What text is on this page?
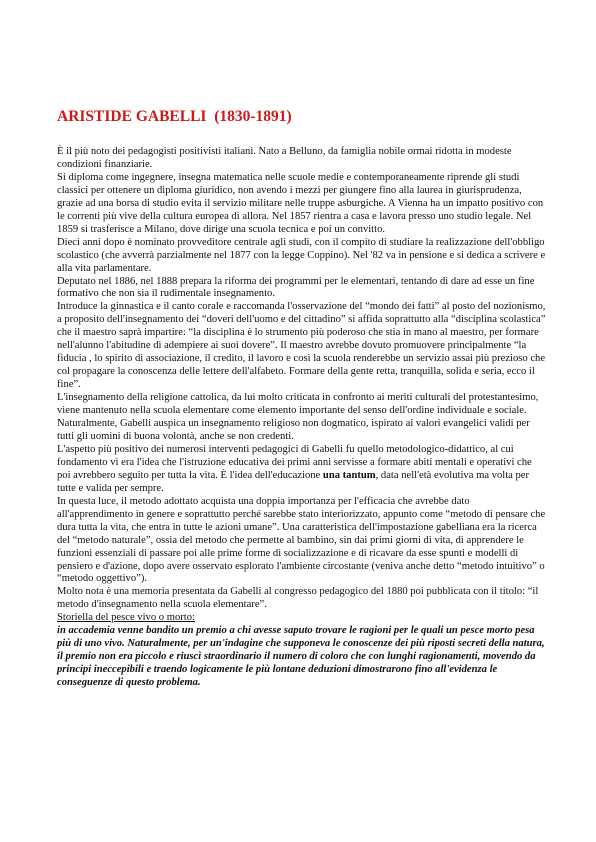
ARISTIDE GABELLI  (1830-1891)

È il più noto dei pedagogisti positivisti italiani. Nato a Belluno, da famiglia nobile ormai ridotta in modeste condizioni finanziarie.

Si diploma come ingegnere, insegna matematica nelle scuole medie e contemporaneamente riprende gli studi classici per ottenere un diploma giuridico, non avendo i mezzi per giungere fino alla laurea in giurisprudenza, grazie ad una borsa di studio evita il servizio militare nelle truppe asburgiche. A Vienna ha un impatto positivo con le correnti più vive della cultura europea di allora. Nel 1857 rientra a casa e lavora presso uno studio legale. Nel 1859 si trasferisce a Milano, dove dirige una scuola tecnica e poi un convitto.

Dieci anni dopo è nominato provveditore centrale agli studi, con il compito di studiare la realizzazione dell'obbligo scolastico (che avverrà parzialmente nel 1877 con la legge Coppino). Nel '82 va in pensione e si dedica a scrivere e alla vita parlamentare.

Deputato nel 1886, nel 1888 prepara la riforma dei programmi per le elementari, tentando di dare ad esse un fine formativo che non sia il rudimentale insegnamento.

Introduce la ginnastica e il canto corale e raccomanda l'osservazione del “mondo dei fatti” al posto del nozionismo, a proposito dell'insegnamento dei “doveri dell'uomo e del cittadino” si affida soprattutto alla “disciplina scolastica” che il maestro saprà impartire: “la disciplina è lo strumento più poderoso che stia in mano al maestro, per formare nell'alunno l'abitudine di adempiere ai suoi dovere”. Il maestro avrebbe dovuto promuovere principalmente “la fiducia , lo spirito di associazione, il credito, il lavoro e così la scuola renderebbe un servizio assai più prezioso che col propagare la conoscenza delle lettere dell'alfabeto. Formare della gente retta, tranquilla, solida e seria, ecco il fine”.

L'insegnamento della religione cattolica, da lui molto criticata in confronto ai meriti culturali del protestantesimo, viene mantenuto nella scuola elementare come elemento importante del senso dell'ordine individuale e sociale. Naturalmente, Gabelli auspica un insegnamento religioso non dogmatico, ispirato ai valori evangelici validi per tutti gli uomini di buona volontà, anche se non credenti.

L'aspetto più positivo dei numerosi interventi pedagogici di Gabelli fu quello metodologico-didattico, al cui fondamento vi era l'idea che l'istruzione educativa dei primi anni servisse a formare abiti mentali e operativi che poi avrebbero seguito per tutta la vita. È l'idea dell'educazione una tantum, data nell'età evolutiva ma volta per tutte e valida per sempre.

In questa luce, il metodo adottato acquista una doppia importanza per l'efficacia che avrebbe dato all'apprendimento in genere e soprattutto perché sarebbe stato interiorizzato, appunto come “metodo di pensare che dura tutta la vita, che entra in tutte le azioni umane”. Una caratteristica dell'impostazione gabelliana era la ricerca del “metodo naturale”, ossia del metodo che permette al bambino, sin dai primi giorni di vita, di apprendere le funzioni essenziali di passare poi alle prime forme di socializzazione e di ricavare da esse spunti e modelli di pensiero e d'azione, dopo avere osservato esplorato l'ambiente circostante (veniva anche detto “metodo intuitivo” o “metodo oggettivo”).

Molto nota è una memoria presentata da Gabelli al congresso pedagogico del 1880 poi pubblicata con il titolo: “il metodo d'insegnamento nella scuola elementare”.

Storiella del pesce vivo o morto:

in accademia venne bandito un premio a chi avesse saputo trovare le ragioni per le quali un pesce morto pesa più di uno vivo. Naturalmente, per un'indagine che supponeva le conoscenze dei più riposti secreti della natura, il premio non era piccolo e riuscì straordinario il numero di coloro che con lunghi ragionamenti, movendo da principi ineccepibili e traendo logicamente le più lontane deduzioni dimostrarono fino all'evidenza le conseguenze di questo problema.
